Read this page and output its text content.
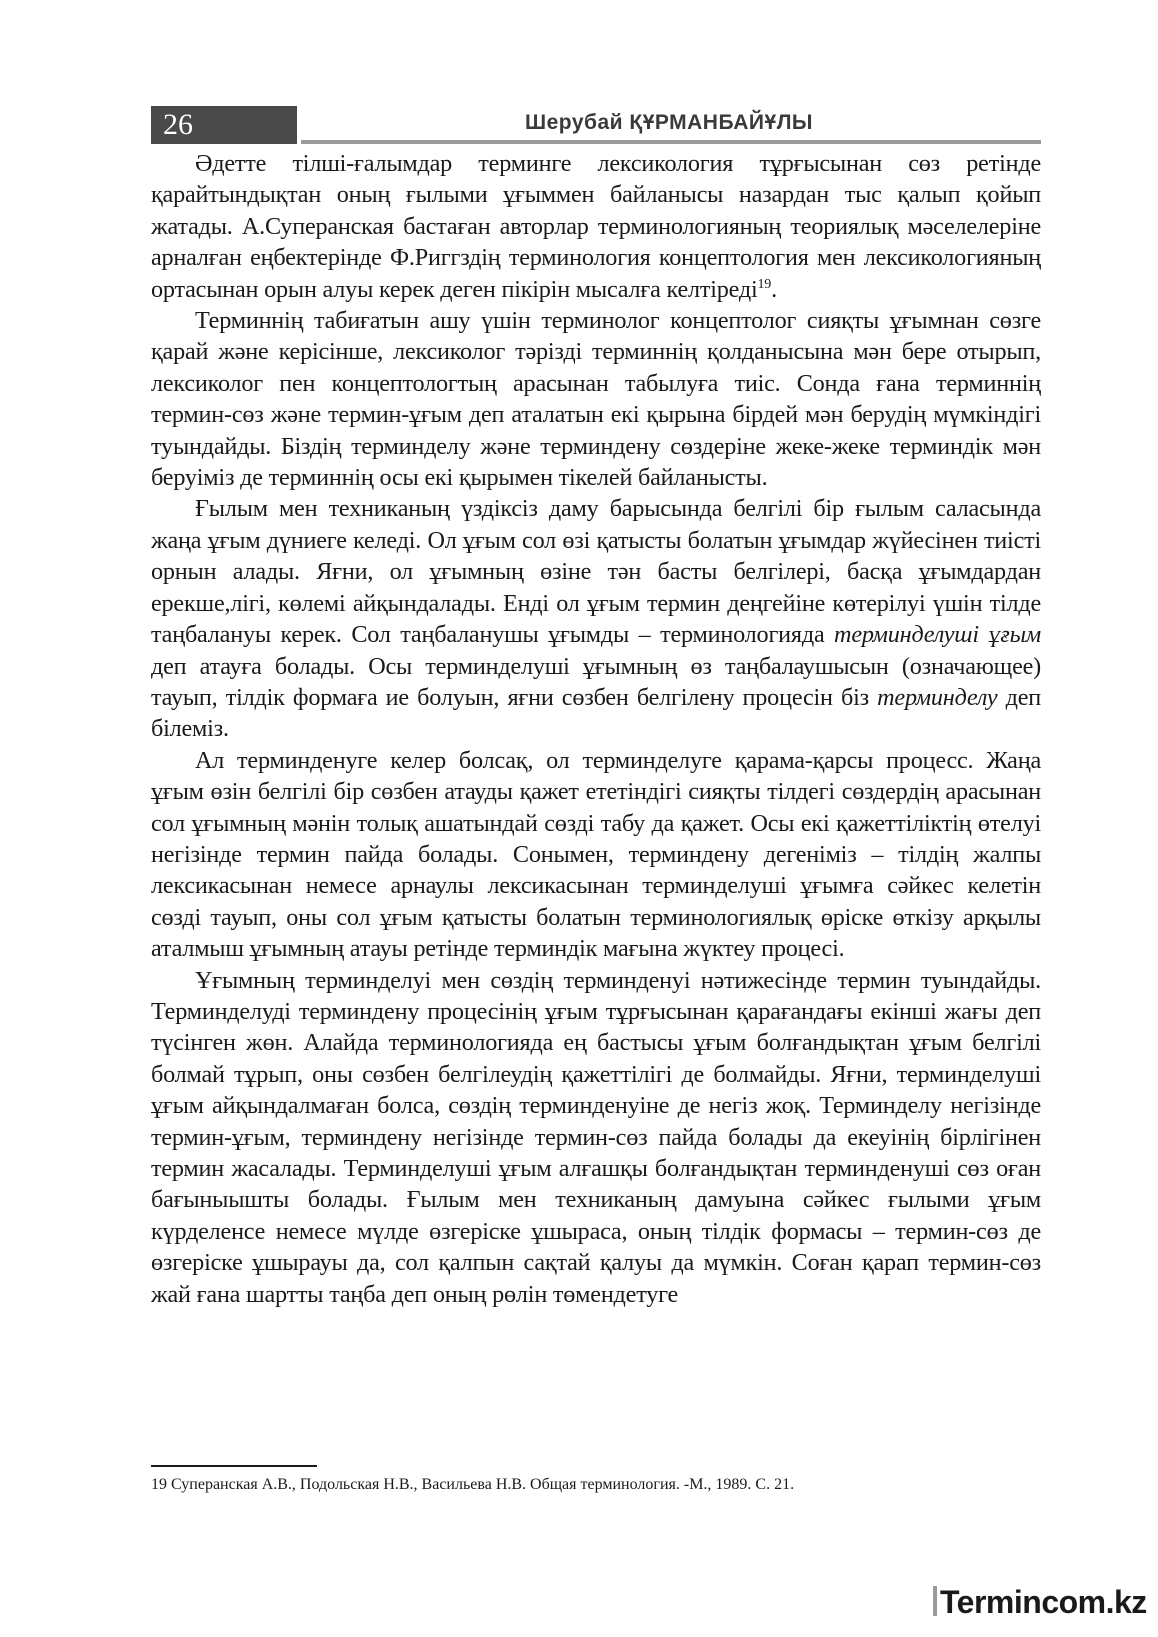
26	Шерубай ҚҰРМАНБАЙҰЛЫ

Әдетте тілші-ғалымдар терминге лексикология тұрғысынан сөз ретінде қарайтындықтан оның ғылыми ұғыммен байланысы назардан тыс қалып қойып жатады. А.Суперанская бастаған авторлар терминологияның теориялық мәселелеріне арналған еңбектерінде Ф.Риггздің терминология концептология мен лексикологияның ортасынан орын алуы керек деген пікірін мысалға келтіреді$^{19}$.

Терминнің табиғатын ашу үшін терминолог концептолог сияқты ұғымнан сөзге қарай және керісінше, лексиколог тәрізді терминнің қолданысына мән бере отырып, лексиколог пен концептологтың арасынан табылуға тиіс. Сонда ғана терминнің термин-сөз және термин-ұғым деп аталатын екі қырына бірдей мән берудің мүмкіндігі туындайды. Біздің терминделу және терминдену сөздеріне жеке-жеке терминдік мән беруіміз де терминнің осы екі қырымен тікелей байланысты.

Ғылым мен техниканың үздіксіз даму барысында белгілі бір ғылым саласында жаңа ұғым дүниеге келеді. Ол ұғым сол өзі қатысты болатын ұғымдар жүйесінен тиісті орнын алады. Яғни, ол ұғымның өзіне тән басты белгілері, басқа ұғымдардан ерекше,лігі, көлемі айқындалады. Енді ол ұғым термин деңгейіне көтерілуі үшін тілде таңбалануы керек. Сол таңбаланушы ұғымды – терминологияда терминделуші ұғым деп атауға болады. Осы терминделуші ұғымның өз таңбалаушысын (означающее) тауып, тілдік формаға ие болуын, яғни сөзбен белгілену процесін біз терминделу деп білеміз.

Ал терминденуге келер болсақ, ол терминделуге қарама-қарсы процесс. Жаңа ұғым өзін белгілі бір сөзбен атауды қажет ететіндігі сияқты тілдегі сөздердің арасынан сол ұғымның мәнін толық ашатындай сөзді табу да қажет. Осы екі қажеттіліктің өтелуі негізінде термин пайда болады. Сонымен, терминдену дегеніміз – тілдің жалпы лексикасынан немесе арнаулы лексикасынан терминделуші ұғымға сәйкес келетін сөзді тауып, оны сол ұғым қатысты болатын терминологиялық өріске өткізу арқылы аталмыш ұғымның атауы ретінде терминдік мағына жүктеу процесі.

Ұғымның терминделуі мен сөздің терминденуі нәтижесінде термин туындайды. Терминделуді терминдену процесінің ұғым тұрғысынан қарағандағы екінші жағы деп түсінген жөн. Алайда терминологияда ең бастысы ұғым болғандықтан ұғым белгілі болмай тұрып, оны сөзбен белгілеудің қажеттілігі де болмайды. Яғни, терминделуші ұғым айқындалмаған болса, сөздің терминденуіне де негіз жоқ. Терминделу негізінде термин-ұғым, терминдену негізінде термин-сөз пайда болады да екеуінің бірлігінен термин жасалады. Терминделуші ұғым алғашқы болғандықтан терминденуші сөз оған бағыныышты болады. Ғылым мен техниканың дамуына сәйкес ғылыми ұғым күрделенсе немесе мүлде өзгеріске ұшыраса, оның тілдік формасы – термин-сөз де өзгеріске ұшырауы да, сол қалпын сақтай қалуы да мүмкін. Соған қарап термин-сөз жай ғана шартты таңба деп оның рөлін төмендетуге

19 Суперанская А.В., Подольская Н.В., Васильева Н.В. Общая терминология. -М., 1989. С. 21.
Termincom.kz
